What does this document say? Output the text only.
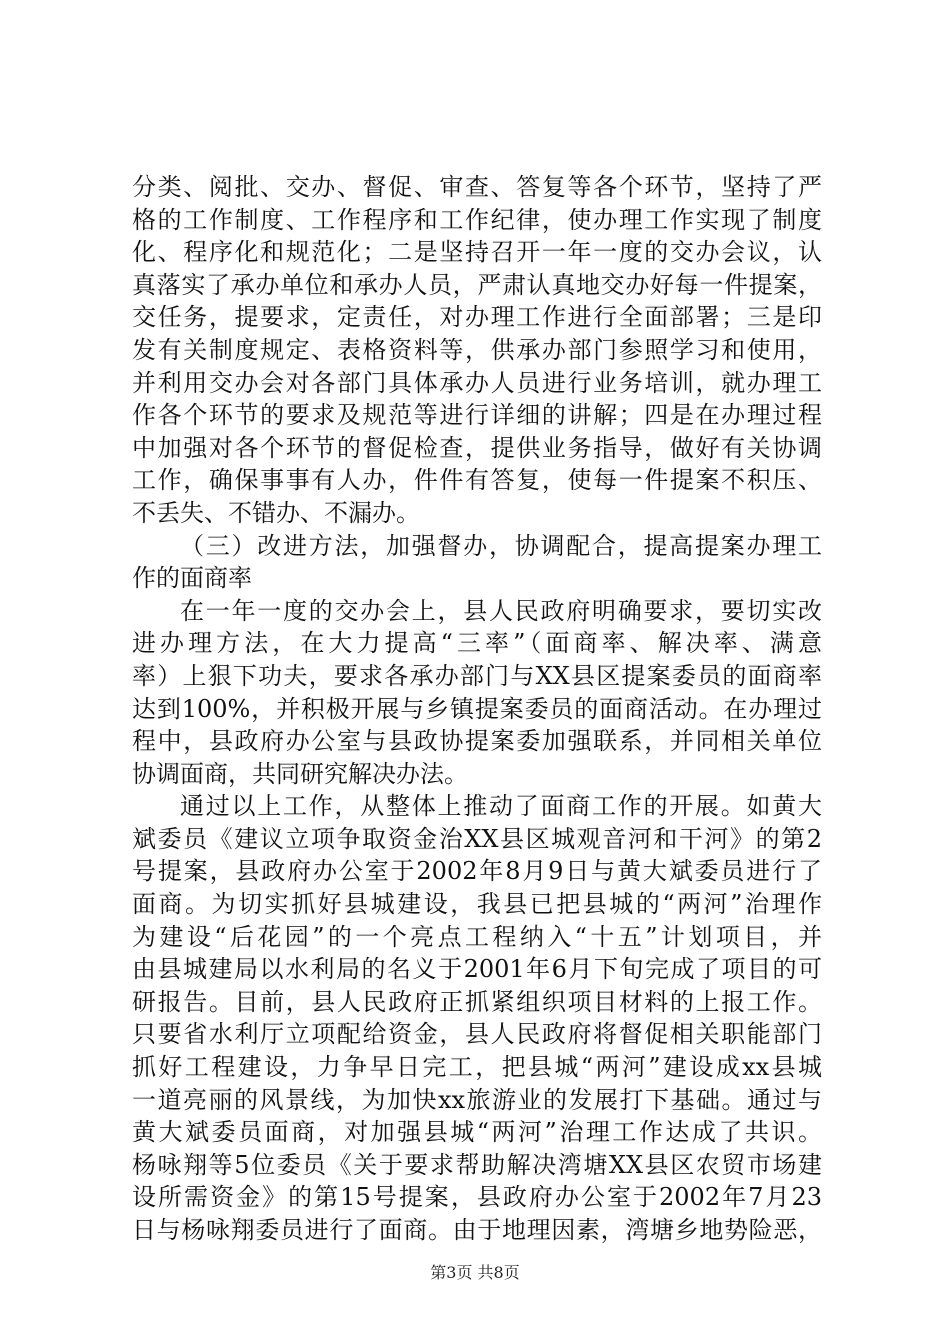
分类、阅批、交办、督促、审查、答复等各个环节，坚持了严
格的工作制度、工作程序和工作纪律，使办理工作实现了制度
化、程序化和规范化；二是坚持召开一年一度的交办会议，认
真落实了承办单位和承办人员，严肃认真地交办好每一件提案，
交任务，提要求，定责任，对办理工作进行全面部署；三是印
发有关制度规定、表格资料等，供承办部门参照学习和使用，
并利用交办会对各部门具体承办人员进行业务培训，就办理工
作各个环节的要求及规范等进行详细的讲解；四是在办理过程
中加强对各个环节的督促检查，提供业务指导，做好有关协调
工作，确保事事有人办，件件有答复，使每一件提案不积压、
不丢失、不错办、不漏办。
（三）改进方法，加强督办，协调配合，提高提案办理工
作的面商率
在一年一度的交办会上，县人民政府明确要求，要切实改
进办理方法，在大力提高“三率”（面商率、解决率、满意
率）上狠下功夫，要求各承办部门与XX县区提案委员的面商率
达到100%，并积极开展与乡镇提案委员的面商活动。在办理过
程中，县政府办公室与县政协提案委加强联系，并同相关单位
协调面商，共同研究解决办法。
通过以上工作，从整体上推动了面商工作的开展。如黄大
斌委员《建议立项争取资金治XX县区城观音河和干河》的第2
号提案，县政府办公室于2002年8月9日与黄大斌委员进行了
面商。为切实抓好县城建设，我县已把县城的“两河”治理作
为建设“后花园”的一个亮点工程纳入“十五”计划项目，并
由县城建局以水利局的名义于2001年6月下旬完成了项目的可
研报告。目前，县人民政府正抓紧组织项目材料的上报工作。
只要省水利厅立项配给资金，县人民政府将督促相关职能部门
抓好工程建设，力争早日完工，把县城“两河”建设成xx县城
一道亮丽的风景线，为加快xx旅游业的发展打下基础。通过与
黄大斌委员面商，对加强县城“两河”治理工作达成了共识。
杨咏翔等5位委员《关于要求帮助解决湾塘XX县区农贸市场建
设所需资金》的第15号提案，县政府办公室于2002年7月23
日与杨咏翔委员进行了面商。由于地理因素，湾塘乡地势险恶，
第3页 共8页
